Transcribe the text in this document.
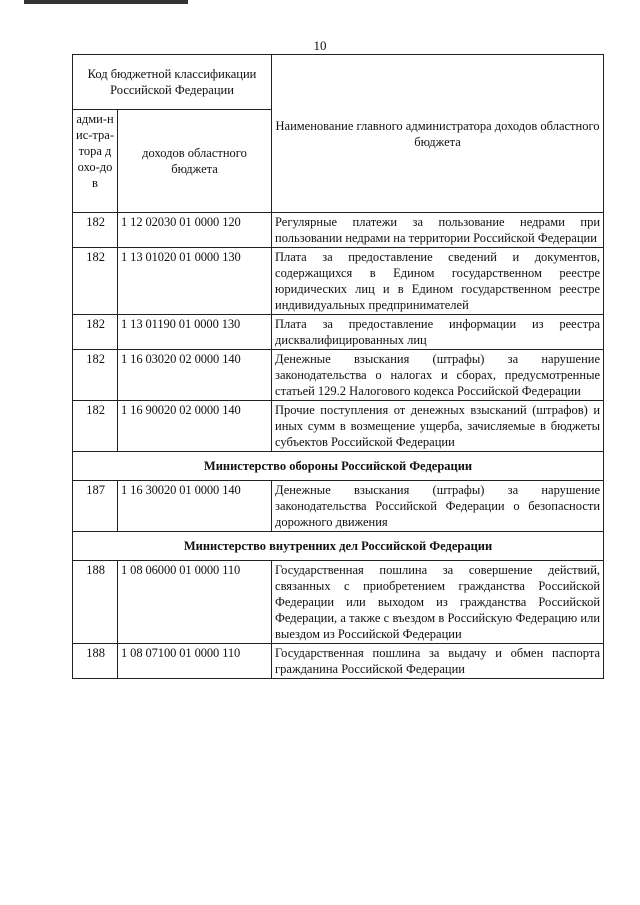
10
Код бюджетной классификации Российской Федерации		Наименование главного администратора доходов областного бюджета
адми-нис-тра-тора дохо-дов	доходов областного бюджета	
182	1 12 02030 01 0000 120	Регулярные платежи за пользование недрами при пользовании недрами на территории Российской Федерации
182	1 13 01020 01 0000 130	Плата за предоставление сведений и документов, содержащихся в Едином государственном реестре юридических лиц и в Едином государственном реестре индивидуальных предпринимателей
182	1 13 01190 01 0000 130	Плата за предоставление информации из реестра дисквалифицированных лиц
182	1 16 03020 02 0000 140	Денежные взыскания (штрафы) за нарушение законодательства о налогах и сборах, предусмотренные статьей 129.2 Налогового кодекса Российской Федерации
182	1 16 90020 02 0000 140	Прочие поступления от денежных взысканий (штрафов) и иных сумм в возмещение ущерба, зачисляемые в бюджеты субъектов Российской Федерации
Министерство обороны Российской Федерации		
187	1 16 30020 01 0000 140	Денежные взыскания (штрафы) за нарушение законодательства Российской Федерации о безопасности дорожного движения
Министерство внутренних дел Российской Федерации		
188	1 08 06000 01 0000 110	Государственная пошлина за совершение действий, связанных с приобретением гражданства Российской Федерации или выходом из гражданства Российской Федерации, а также с въездом в Российскую Федерацию или выездом из Российской Федерации
188	1 08 07100 01 0000 110	Государственная пошлина за выдачу и обмен паспорта гражданина Российской Федерации
